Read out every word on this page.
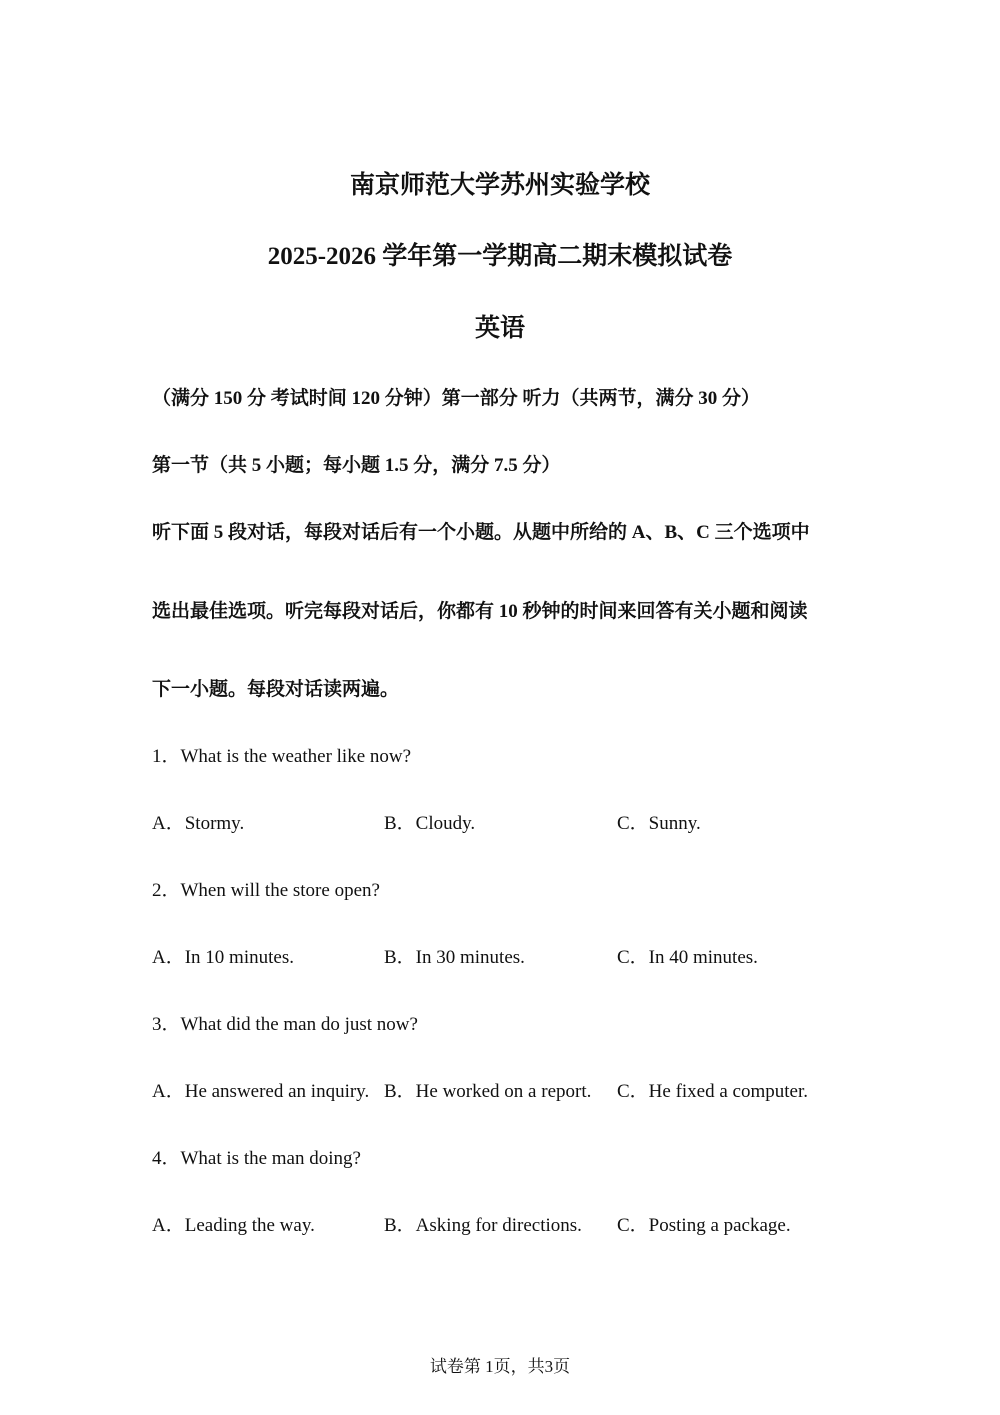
南京师范大学苏州实验学校
2025-2026 学年第一学期高二期末模拟试卷
英语
（满分 150 分 考试时间 120 分钟）第一部分 听力（共两节，满分 30 分）
第一节（共 5 小题；每小题 1.5 分，满分 7.5 分）
听下面 5 段对话，每段对话后有一个小题。从题中所给的 A、B、C 三个选项中
选出最佳选项。听完每段对话后，你都有 10 秒钟的时间来回答有关小题和阅读
下一小题。每段对话读两遍。
1．What is the weather like now?
A．Stormy.	B．Cloudy.	C．Sunny.
2．When will the store open?
A．In 10 minutes.	B．In 30 minutes.	C．In 40 minutes.
3．What did the man do just now?
A．He answered an inquiry. B．He worked on a report. C．He fixed a computer.
4．What is the man doing?
A．Leading the way.	B．Asking for directions. C．Posting a package.
试卷第 1页，共3页
